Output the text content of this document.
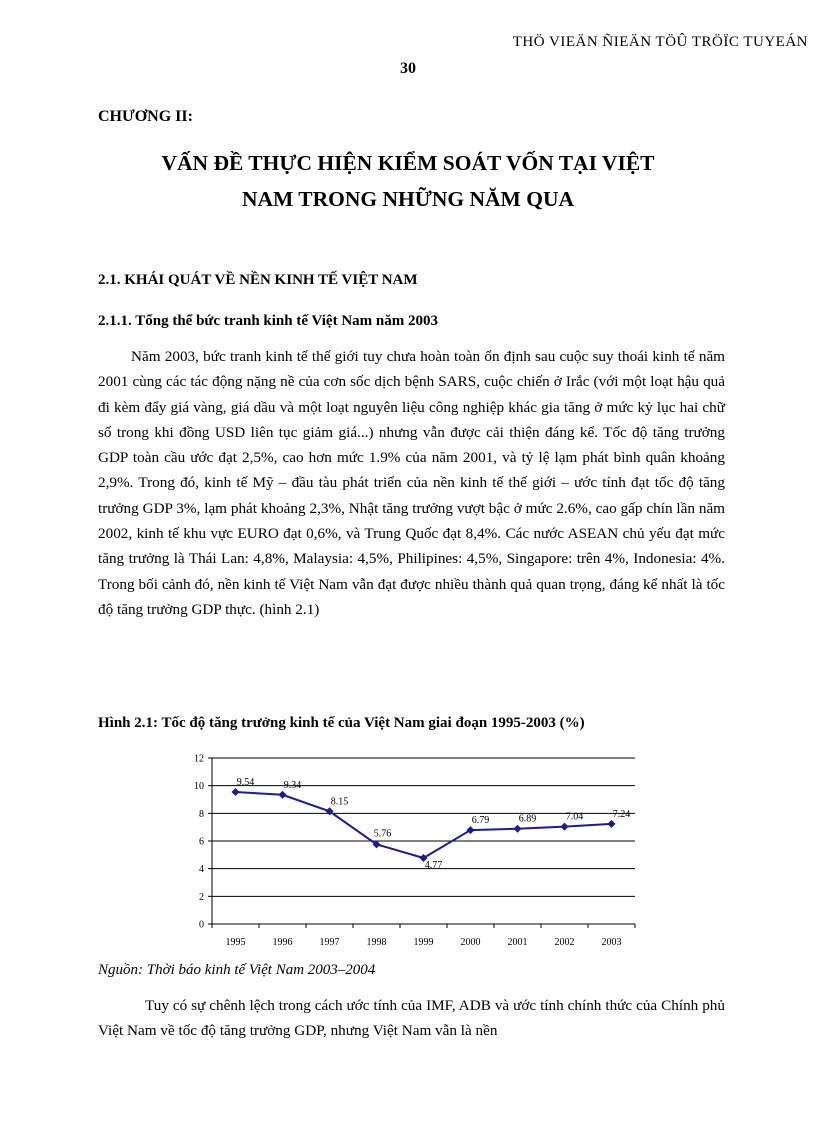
THÖ VIEÄN ÑIEÄN TÖÛ TRÖÏC TUYEÁN
30
CHƯƠNG II:
VẤN ĐỀ THỰC HIỆN KIỂM SOÁT VỐN TẠI VIỆT
NAM TRONG NHỮNG NĂM QUA
2.1. KHÁI QUÁT VỀ NỀN KINH TẾ VIỆT NAM
2.1.1. Tổng thể bức tranh kinh tế Việt Nam năm 2003

Năm 2003, bức tranh kinh tế thế giới tuy chưa hoàn toàn ổn định sau cuộc suy thoái kinh tế năm 2001 cùng các tác động nặng nề của cơn sốc dịch bệnh SARS, cuộc chiến ở Irắc (với một loạt hậu quả đi kèm đẩy giá vàng, giá dầu và một loạt nguyên liệu công nghiệp khác gia tăng ở mức kỷ lục hai chữ số trong khi đồng USD liên tục giảm giá...) nhưng vẫn được cải thiện đáng kể. Tốc độ tăng trưởng GDP toàn cầu ước đạt 2,5%, cao hơn mức 1.9% của năm 2001, và tỷ lệ lạm phát bình quân khoảng 2,9%. Trong đó, kinh tế Mỹ – đầu tàu phát triển của nền kinh tế thế giới – ước tính đạt tốc độ tăng trưởng GDP 3%, lạm phát khoảng 2,3%, Nhật tăng trưởng vượt bậc ở mức 2.6%, cao gấp chín lần năm 2002, kinh tế khu vực EURO đạt 0,6%, và Trung Quốc đạt 8,4%. Các nước ASEAN chủ yếu đạt mức tăng trưởng là Thái Lan: 4,8%, Malaysia: 4,5%, Philipines: 4,5%, Singapore: trên 4%, Indonesia: 4%. Trong bối cảnh đó, nền kinh tế Việt Nam vẫn đạt được nhiều thành quả quan trọng, đáng kể nhất là tốc độ tăng trưởng GDP thực. (hình 2.1)

Hình 2.1: Tốc độ tăng trưởng kinh tế của Việt Nam giai đoạn 1995-2003 (%)
0
2
4
6
8
10
12
1995	1996	1997	1998	1999	2000	2001	2002	2003
9.54	9.34
8.15
5.76
4.77
6.79	6.89	7.04	7.24
Nguồn: Thời báo kinh tế Việt Nam 2003–2004

Tuy có sự chênh lệch trong cách ước tính của IMF, ADB và ước tính chính thức của Chính phủ Việt Nam về tốc độ tăng trưởng GDP, nhưng Việt Nam vẫn là nền
